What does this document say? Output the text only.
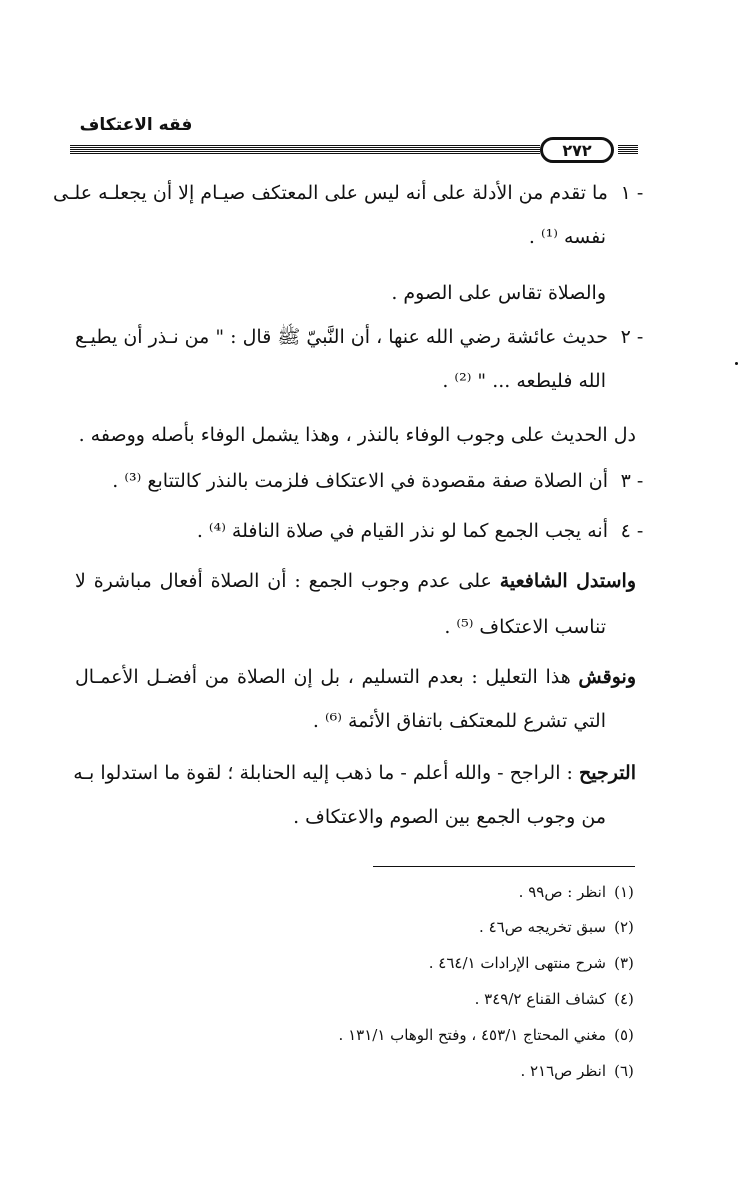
فقه الاعتكاف
٢٧٢
١ -
ما تقدم من الأدلة على أنه ليس على المعتكف صيـام إلا أن يجعلـه علـى
نفسه ⁽¹⁾ .
والصلاة تقاس على الصوم .
٢ -
حديث عائشة رضي الله عنها ، أن النَّبيّ ﷺ قال : " من نـذر أن يطيـع
الله فليطعه ... " ⁽²⁾ .
دل الحديث على وجوب الوفاء بالنذر ، وهذا يشمل الوفاء بأصله ووصفه .
٣ -
أن الصلاة صفة مقصودة في الاعتكاف فلزمت بالنذر كالتتابع ⁽³⁾ .
٤ -
أنه يجب الجمع كما لو نذر القيام في صلاة النافلة ⁽⁴⁾ .
واستدل الشافعية على عدم وجوب الجمع : أن الصلاة أفعال مباشرة لا
تناسب الاعتكاف ⁽⁵⁾ .
ونوقش هذا التعليل : بعدم التسليم ، بل إن الصلاة من أفضـل الأعمـال
التي تشرع للمعتكف باتفاق الأئمة ⁽⁶⁾ .
الترجيح : الراجح - والله أعلم - ما ذهب إليه الحنابلة ؛ لقوة ما استدلوا بـه
من وجوب الجمع بين الصوم والاعتكاف .
(١)انظر : ص٩٩ .
(٢)سبق تخريجه ص٤٦ .
(٣)شرح منتهى الإرادات ٤٦٤/١ .
(٤)كشاف القناع ٣٤٩/٢ .
(٥)مغني المحتاج ٤٥٣/١ ، وفتح الوهاب ١٣١/١ .
(٦)انظر ص٢١٦ .
